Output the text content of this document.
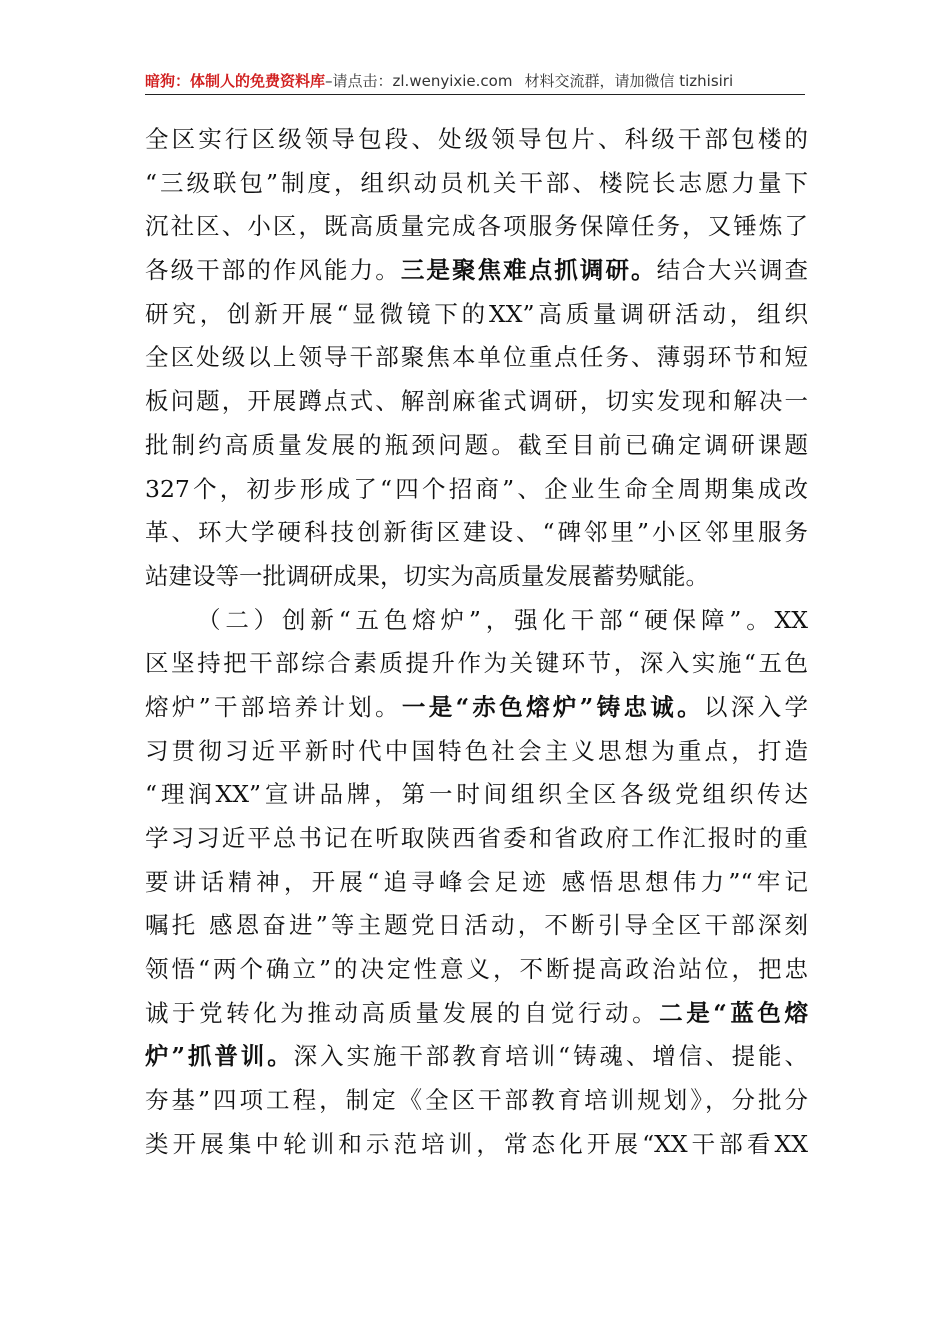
暗狗：体制人的免费资料库–请点击：zl.wenyixie.com 材料交流群，请加微信 tizhisiri
全区实行区级领导包段、处级领导包片、科级干部包楼的
“三级联包”制度，组织动员机关干部、楼院长志愿力量下
沉社区、小区，既高质量完成各项服务保障任务，又锤炼了
各级干部的作风能力。三是聚焦难点抓调研。结合大兴调查
研究，创新开展“显微镜下的XX”高质量调研活动，组织
全区处级以上领导干部聚焦本单位重点任务、薄弱环节和短
板问题，开展蹲点式、解剖麻雀式调研，切实发现和解决一
批制约高质量发展的瓶颈问题。截至目前已确定调研课题
327个，初步形成了“四个招商”、企业生命全周期集成改
革、环大学硬科技创新街区建设、“碑邻里”小区邻里服务
站建设等一批调研成果，切实为高质量发展蓄势赋能。
（二）创新“五色熔炉”，强化干部“硬保障”。XX
区坚持把干部综合素质提升作为关键环节，深入实施“五色
熔炉”干部培养计划。一是“赤色熔炉”铸忠诚。以深入学
习贯彻习近平新时代中国特色社会主义思想为重点，打造
“理润XX”宣讲品牌，第一时间组织全区各级党组织传达
学习习近平总书记在听取陕西省委和省政府工作汇报时的重
要讲话精神，开展“追寻峰会足迹 感悟思想伟力”“牢记
嘱托 感恩奋进”等主题党日活动，不断引导全区干部深刻
领悟“两个确立”的决定性意义，不断提高政治站位，把忠
诚于党转化为推动高质量发展的自觉行动。二是“蓝色熔
炉”抓普训。深入实施干部教育培训“铸魂、增信、提能、
夯基”四项工程，制定《全区干部教育培训规划》，分批分
类开展集中轮训和示范培训，常态化开展“XX干部看XX
